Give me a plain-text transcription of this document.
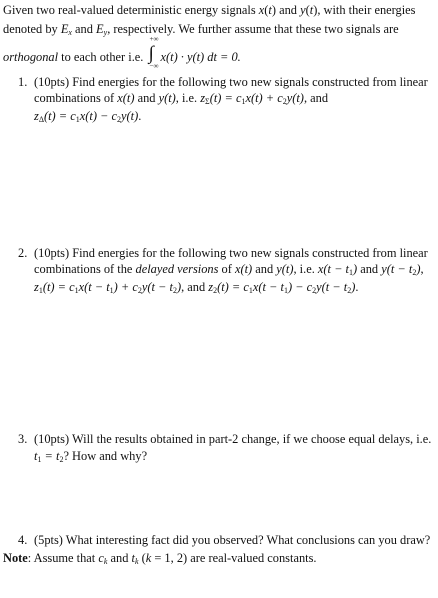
Given two real-valued deterministic energy signals x(t) and y(t), with their energies
denoted by $E_x$ and $E_y$, respectively. We further assume that these two signals are
orthogonal to each other i.e.
+∞
∫
−∞
x(t) · y(t) dt = 0.
1. (10pts) Find energies for the following two new signals constructed from linear
combinations of x(t) and y(t), i.e. $z_\Sigma(t) = c_1x(t) + c_2y(t)$, and
$z_\Delta(t) = c_1x(t) - c_2y(t)$.
2. (10pts) Find energies for the following two new signals constructed from linear
combinations of the delayed versions of x(t) and y(t), i.e. $x(t - t_1)$ and $y(t - t_2)$,
$z_1(t) = c_1x(t - t_1) + c_2y(t - t_2)$, and $z_2(t) = c_1x(t - t_1) - c_2y(t - t_2)$.
3. (10pts) Will the results obtained in part-2 change, if we choose equal delays, i.e.
$t_1 = t_2$? How and why?
4. (5pts) What interesting fact did you observed? What conclusions can you draw?
Note: Assume that $c_k$ and $t_k$ (k = 1, 2) are real-valued constants.
